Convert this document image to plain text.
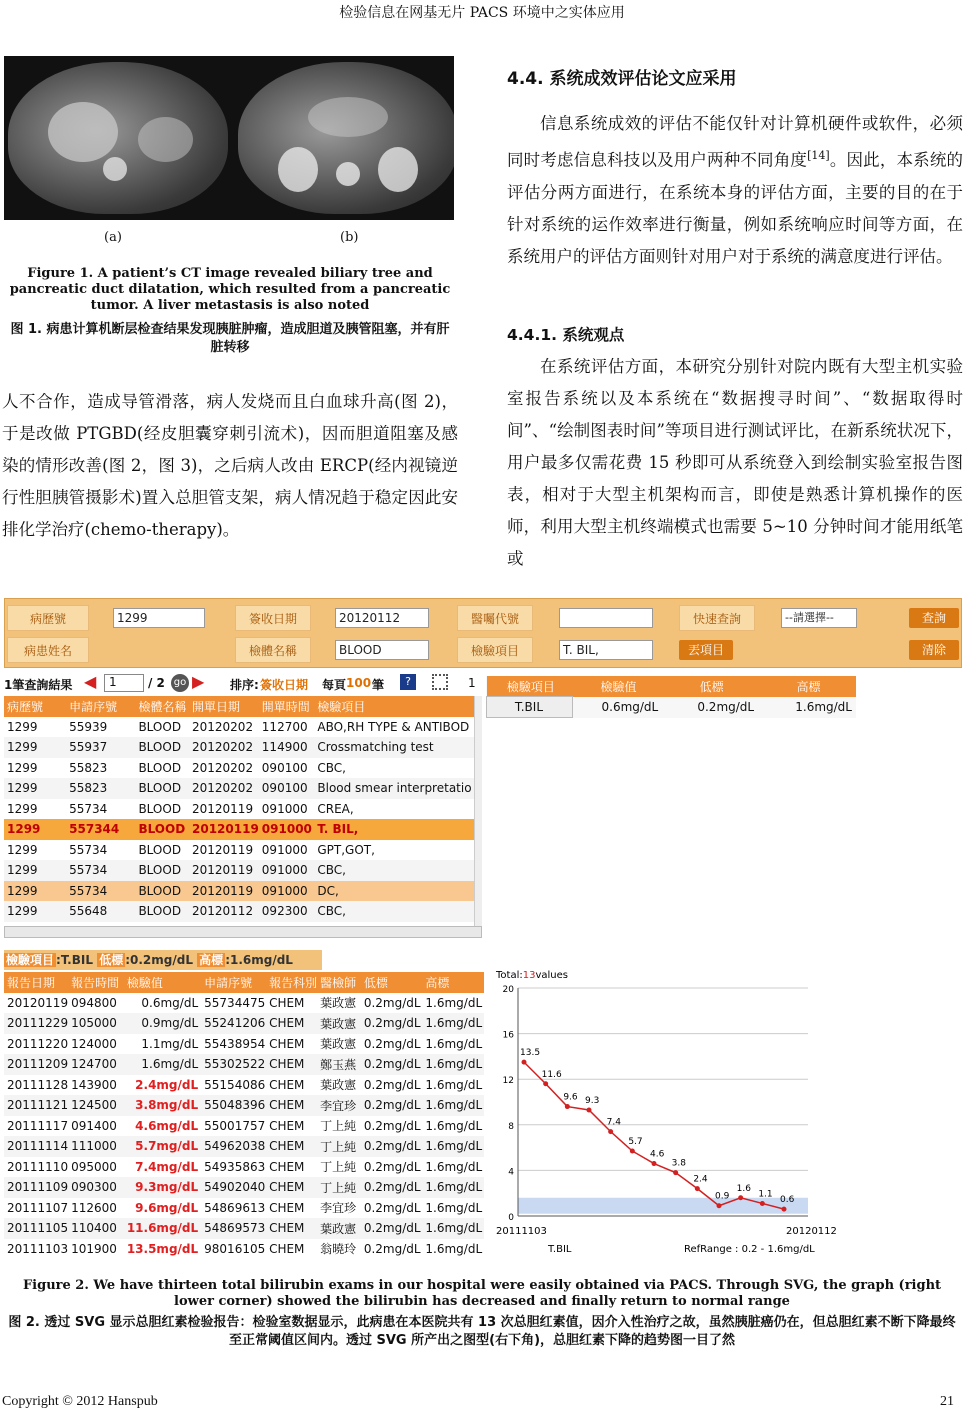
检验信息在网基无片 PACS 环境中之实体应用
(a)	(b)
Figure 1. A patient’s CT image revealed biliary tree and pancreatic duct dilatation, which resulted from a pancreatic tumor. A liver metastasis is also noted
图 1. 病患计算机断层检查结果发现胰脏肿瘤，造成胆道及胰管阻塞，并有肝脏转移
人不合作，造成导管滑落，病人发烧而且白血球升高(图 2)，于是改做 PTGBD(经皮胆囊穿刺引流术)，因而胆道阻塞及感染的情形改善(图 2，图 3)，之后病人改由 ERCP(经内视镜逆行性胆胰管摄影术)置入总胆管支架，病人情况趋于稳定因此安排化学治疗(chemo-therapy)。
4.4. 系统成效评估论文应采用
信息系统成效的评估不能仅针对计算机硬件或软件，必须同时考虑信息科技以及用户两种不同角度[14]。因此，本系统的评估分两方面进行，在系统本身的评估方面，主要的目的在于针对系统的运作效率进行衡量，例如系统响应时间等方面，在系统用户的评估方面则针对用户对于系统的满意度进行评估。
4.4.1. 系统观点
在系统评估方面，本研究分别针对院内既有大型主机实验室报告系统以及本系统在“数据搜寻时间”、“数据取得时间”、“绘制图表时间”等项目进行测试评比，在新系统状况下，用户最多仅需花费 15 秒即可从系统登入到绘制实验室报告图表，相对于大型主机架构而言，即使是熟悉计算机操作的医师，利用大型主机终端模式也需要 5~10 分钟时间才能用纸笔或
病歷號	1299	簽收日期	20120112	醫囑代號	快速查詢	--請選擇--	查詢
病患姓名	檢體名稱	BLOOD	檢驗項目	T. BIL,	丟項目	清除
1筆查詢結果 ◀	1	/ 2 go ▶ 排序: 簽收日期 每頁 100 筆	?	1
病歷號	申請序號	檢體名稱	開單日期	開單時間	檢驗項目
1299	55939	BLOOD	20120202	112700	ABO,RH TYPE & ANTIBOD
1299	55937	BLOOD	20120202	114900	Crossmatching test
1299	55823	BLOOD	20120202	090100	CBC,
1299	55823	BLOOD	20120202	090100	Blood smear interpretatio
1299	55734	BLOOD	20120119	091000	CREA,
1299	557344	BLOOD	20120119	091000	T. BIL,
1299	55734	BLOOD	20120119	091000	GPT,GOT,
1299	55734	BLOOD	20120119	091000	CBC,
1299	55734	BLOOD	20120119	091000	DC,
1299	55648	BLOOD	20120112	092300	CBC,

檢驗項目	檢驗值	低標	高標
T.BIL	0.6mg/dL	0.2mg/dL	1.6mg/dL
檢驗項目 :T.BIL 低標 :0.2mg/dL 高標 :1.6mg/dL
報告日期	報告時間	檢驗值	申請序號	報告科別	醫檢師	低標	高標
20120119	094800	0.6mg/dL	55734475	CHEM	葉政憲	0.2mg/dL	1.6mg/dL
20111229	105000	0.9mg/dL	55241206	CHEM	葉政憲	0.2mg/dL	1.6mg/dL
20111220	124000	1.1mg/dL	55438954	CHEM	葉政憲	0.2mg/dL	1.6mg/dL
20111209	124700	1.6mg/dL	55302522	CHEM	鄭玉燕	0.2mg/dL	1.6mg/dL
20111128	143900	2.4mg/dL	55154086	CHEM	葉政憲	0.2mg/dL	1.6mg/dL
20111121	124500	3.8mg/dL	55048396	CHEM	李宜珍	0.2mg/dL	1.6mg/dL
20111117	091400	4.6mg/dL	55001757	CHEM	丁上純	0.2mg/dL	1.6mg/dL
20111114	111000	5.7mg/dL	54962038	CHEM	丁上純	0.2mg/dL	1.6mg/dL
20111110	095000	7.4mg/dL	54935863	CHEM	丁上純	0.2mg/dL	1.6mg/dL
20111109	090300	9.3mg/dL	54902040	CHEM	丁上純	0.2mg/dL	1.6mg/dL
20111107	112600	9.6mg/dL	54869613	CHEM	李宜珍	0.2mg/dL	1.6mg/dL
20111105	110400	11.6mg/dL	54869573	CHEM	葉政憲	0.2mg/dL	1.6mg/dL
20111103	101900	13.5mg/dL	98016105	CHEM	翁曉玲	0.2mg/dL	1.6mg/dL
Total:13values
0
4
8
12
16
20
13.5
11.6
9.6 9.3
7.4
5.7
4.6
3.8
2.4
0.9
1.6
1.1
0.6
20111103	20120112
T.BIL	RefRange : 0.2 - 1.6mg/dL
Figure 2. We have thirteen total bilirubin exams in our hospital were easily obtained via PACS. Through SVG, the graph (right lower corner) showed the bilirubin has decreased and finally return to normal range
图 2. 透过 SVG 显示总胆红素检验报告：检验室数据显示，此病患在本医院共有 13 次总胆红素值，因介入性治疗之故，虽然胰脏癌仍在，但总胆红素不断下降最终至正常阈值区间内。透过 SVG 所产出之图型(右下角)，总胆红素下降的趋势图一目了然
Copyright © 2012 Hanspub	21
